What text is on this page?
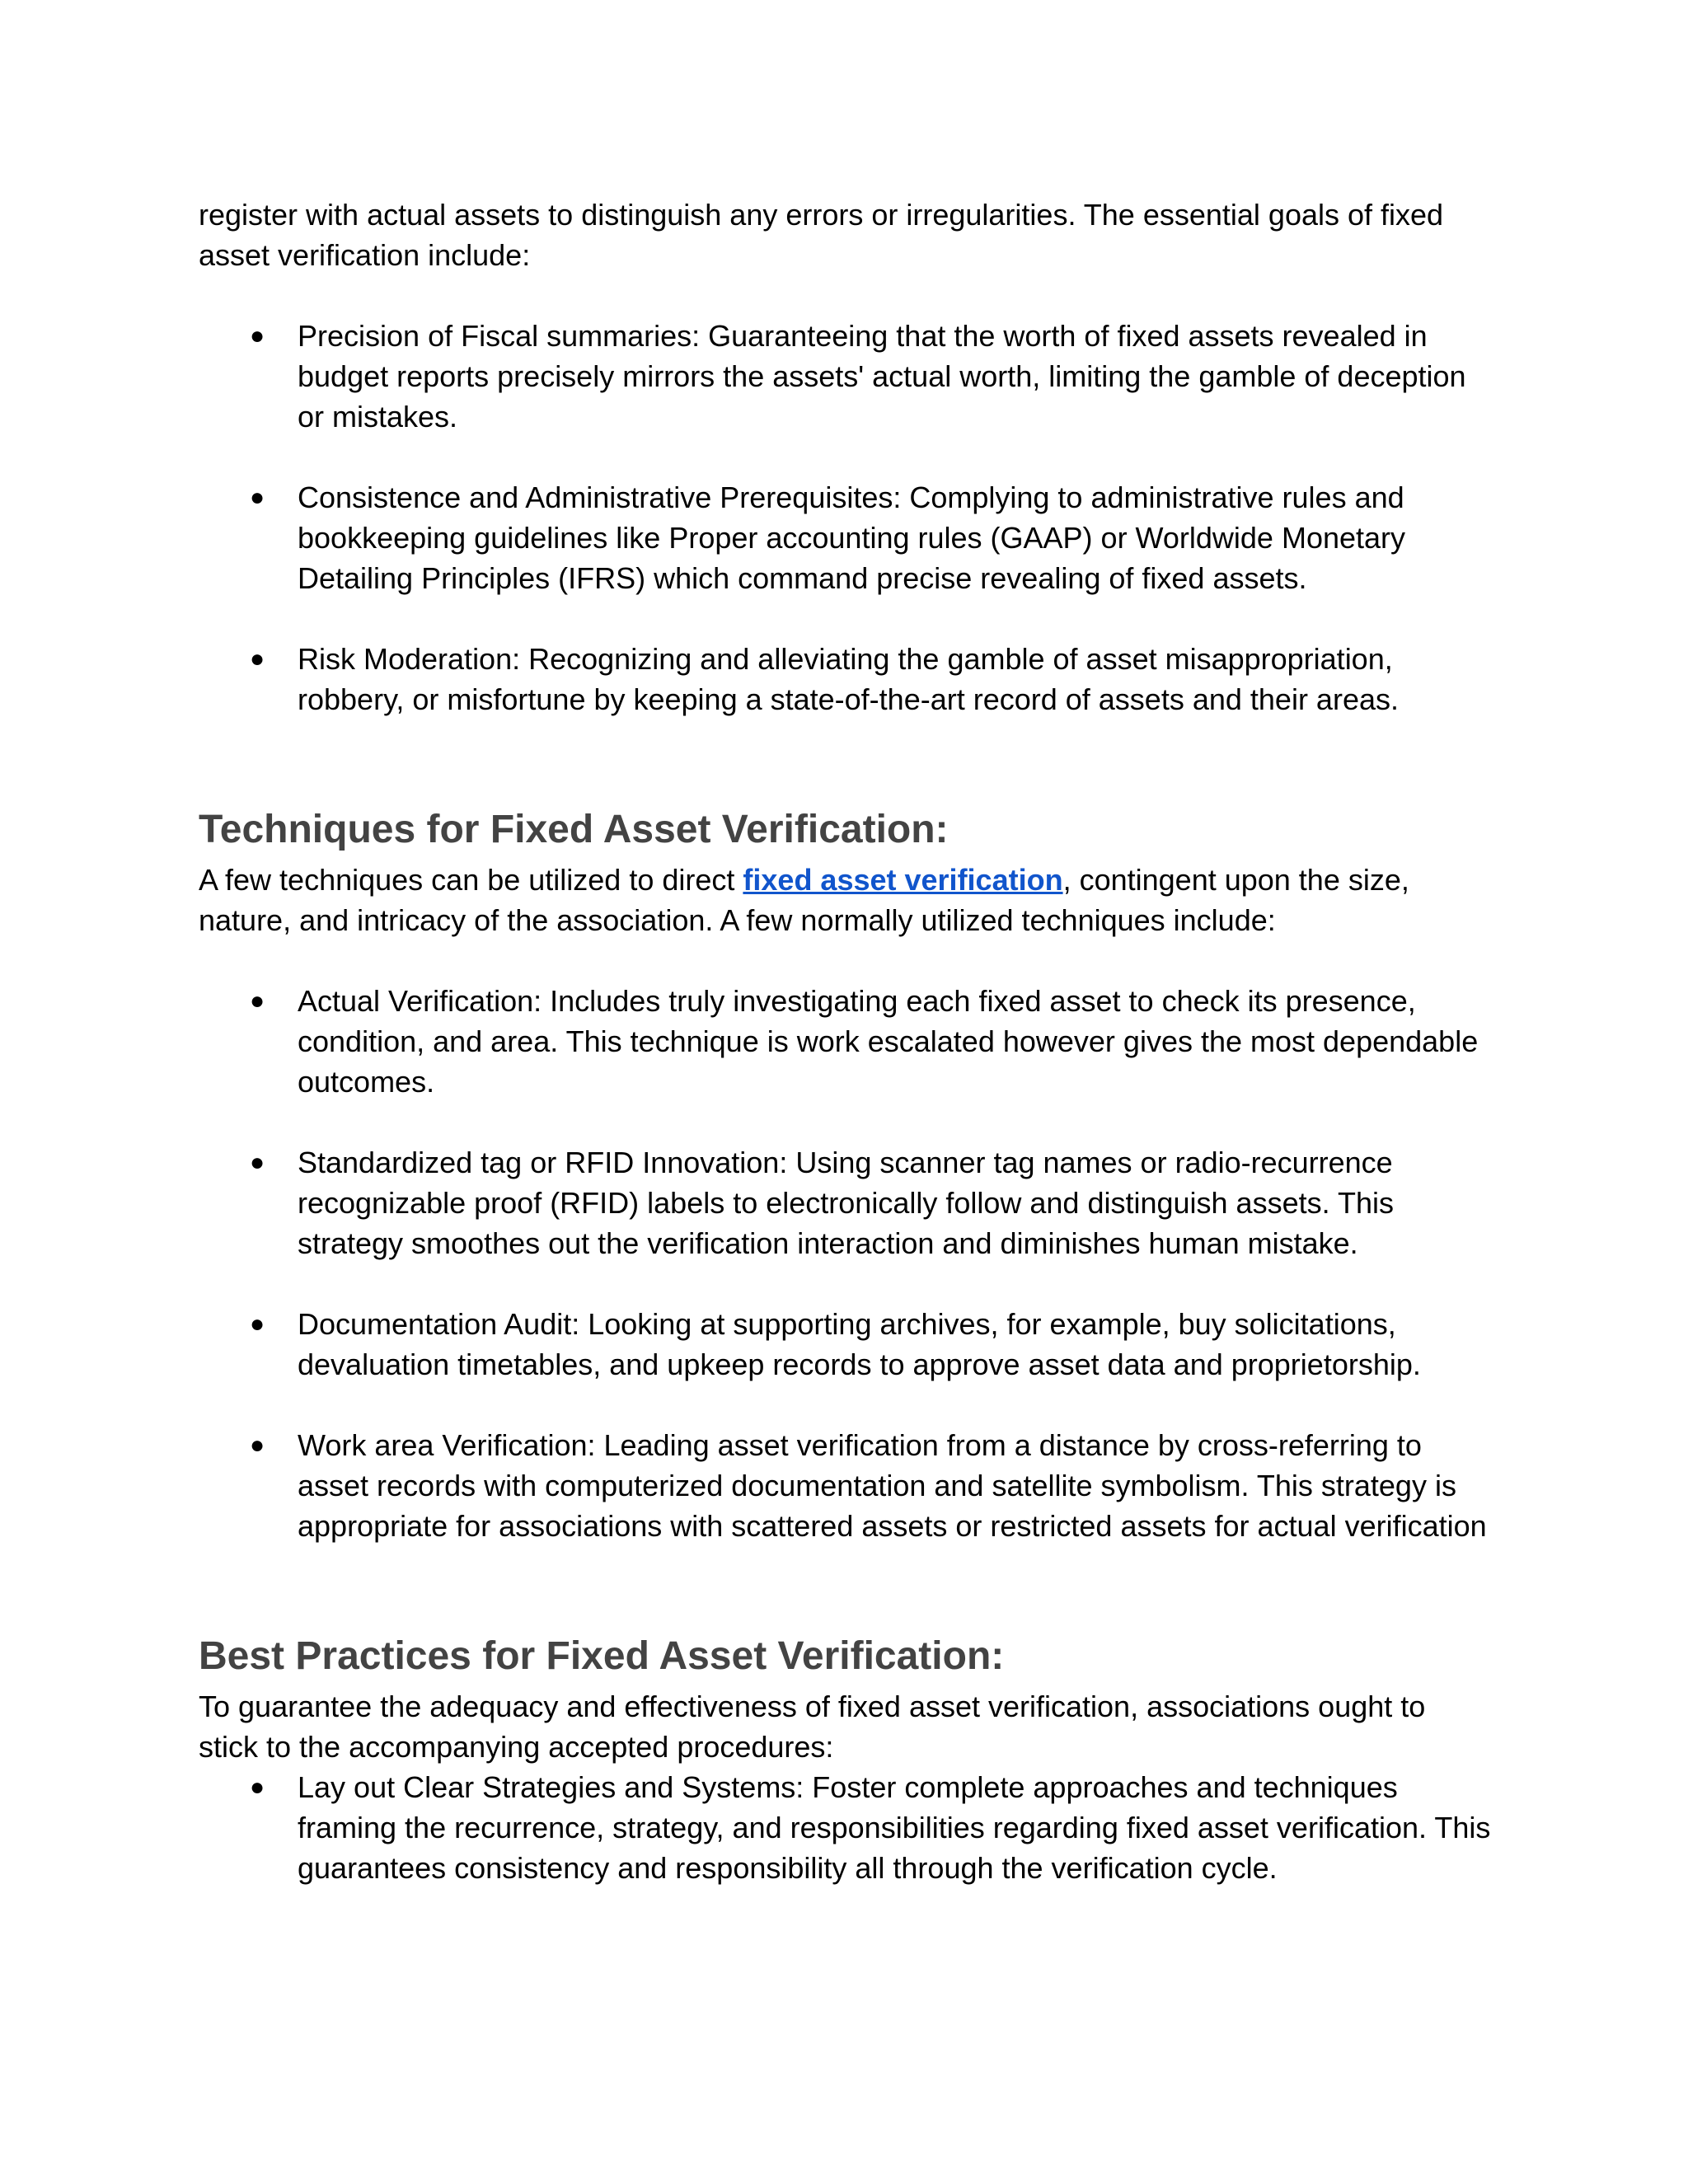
register with actual assets to distinguish any errors or irregularities. The essential goals of fixed asset verification include:

● Precision of Fiscal summaries: Guaranteeing that the worth of fixed assets revealed in budget reports precisely mirrors the assets' actual worth, limiting the gamble of deception or mistakes.
● Consistence and Administrative Prerequisites: Complying to administrative rules and bookkeeping guidelines like Proper accounting rules (GAAP) or Worldwide Monetary Detailing Principles (IFRS) which command precise revealing of fixed assets.
● Risk Moderation: Recognizing and alleviating the gamble of asset misappropriation, robbery, or misfortune by keeping a state-of-the-art record of assets and their areas.
Techniques for Fixed Asset Verification:

A few techniques can be utilized to direct fixed asset verification, contingent upon the size, nature, and intricacy of the association. A few normally utilized techniques include:

● Actual Verification: Includes truly investigating each fixed asset to check its presence, condition, and area. This technique is work escalated however gives the most dependable outcomes.
● Standardized tag or RFID Innovation: Using scanner tag names or radio-recurrence recognizable proof (RFID) labels to electronically follow and distinguish assets. This strategy smoothes out the verification interaction and diminishes human mistake.
● Documentation Audit: Looking at supporting archives, for example, buy solicitations, devaluation timetables, and upkeep records to approve asset data and proprietorship.
● Work area Verification: Leading asset verification from a distance by cross-referring to asset records with computerized documentation and satellite symbolism. This strategy is appropriate for associations with scattered assets or restricted assets for actual verification
Best Practices for Fixed Asset Verification:

To guarantee the adequacy and effectiveness of fixed asset verification, associations ought to stick to the accompanying accepted procedures:

● Lay out Clear Strategies and Systems: Foster complete approaches and techniques framing the recurrence, strategy, and responsibilities regarding fixed asset verification. This guarantees consistency and responsibility all through the verification cycle.
